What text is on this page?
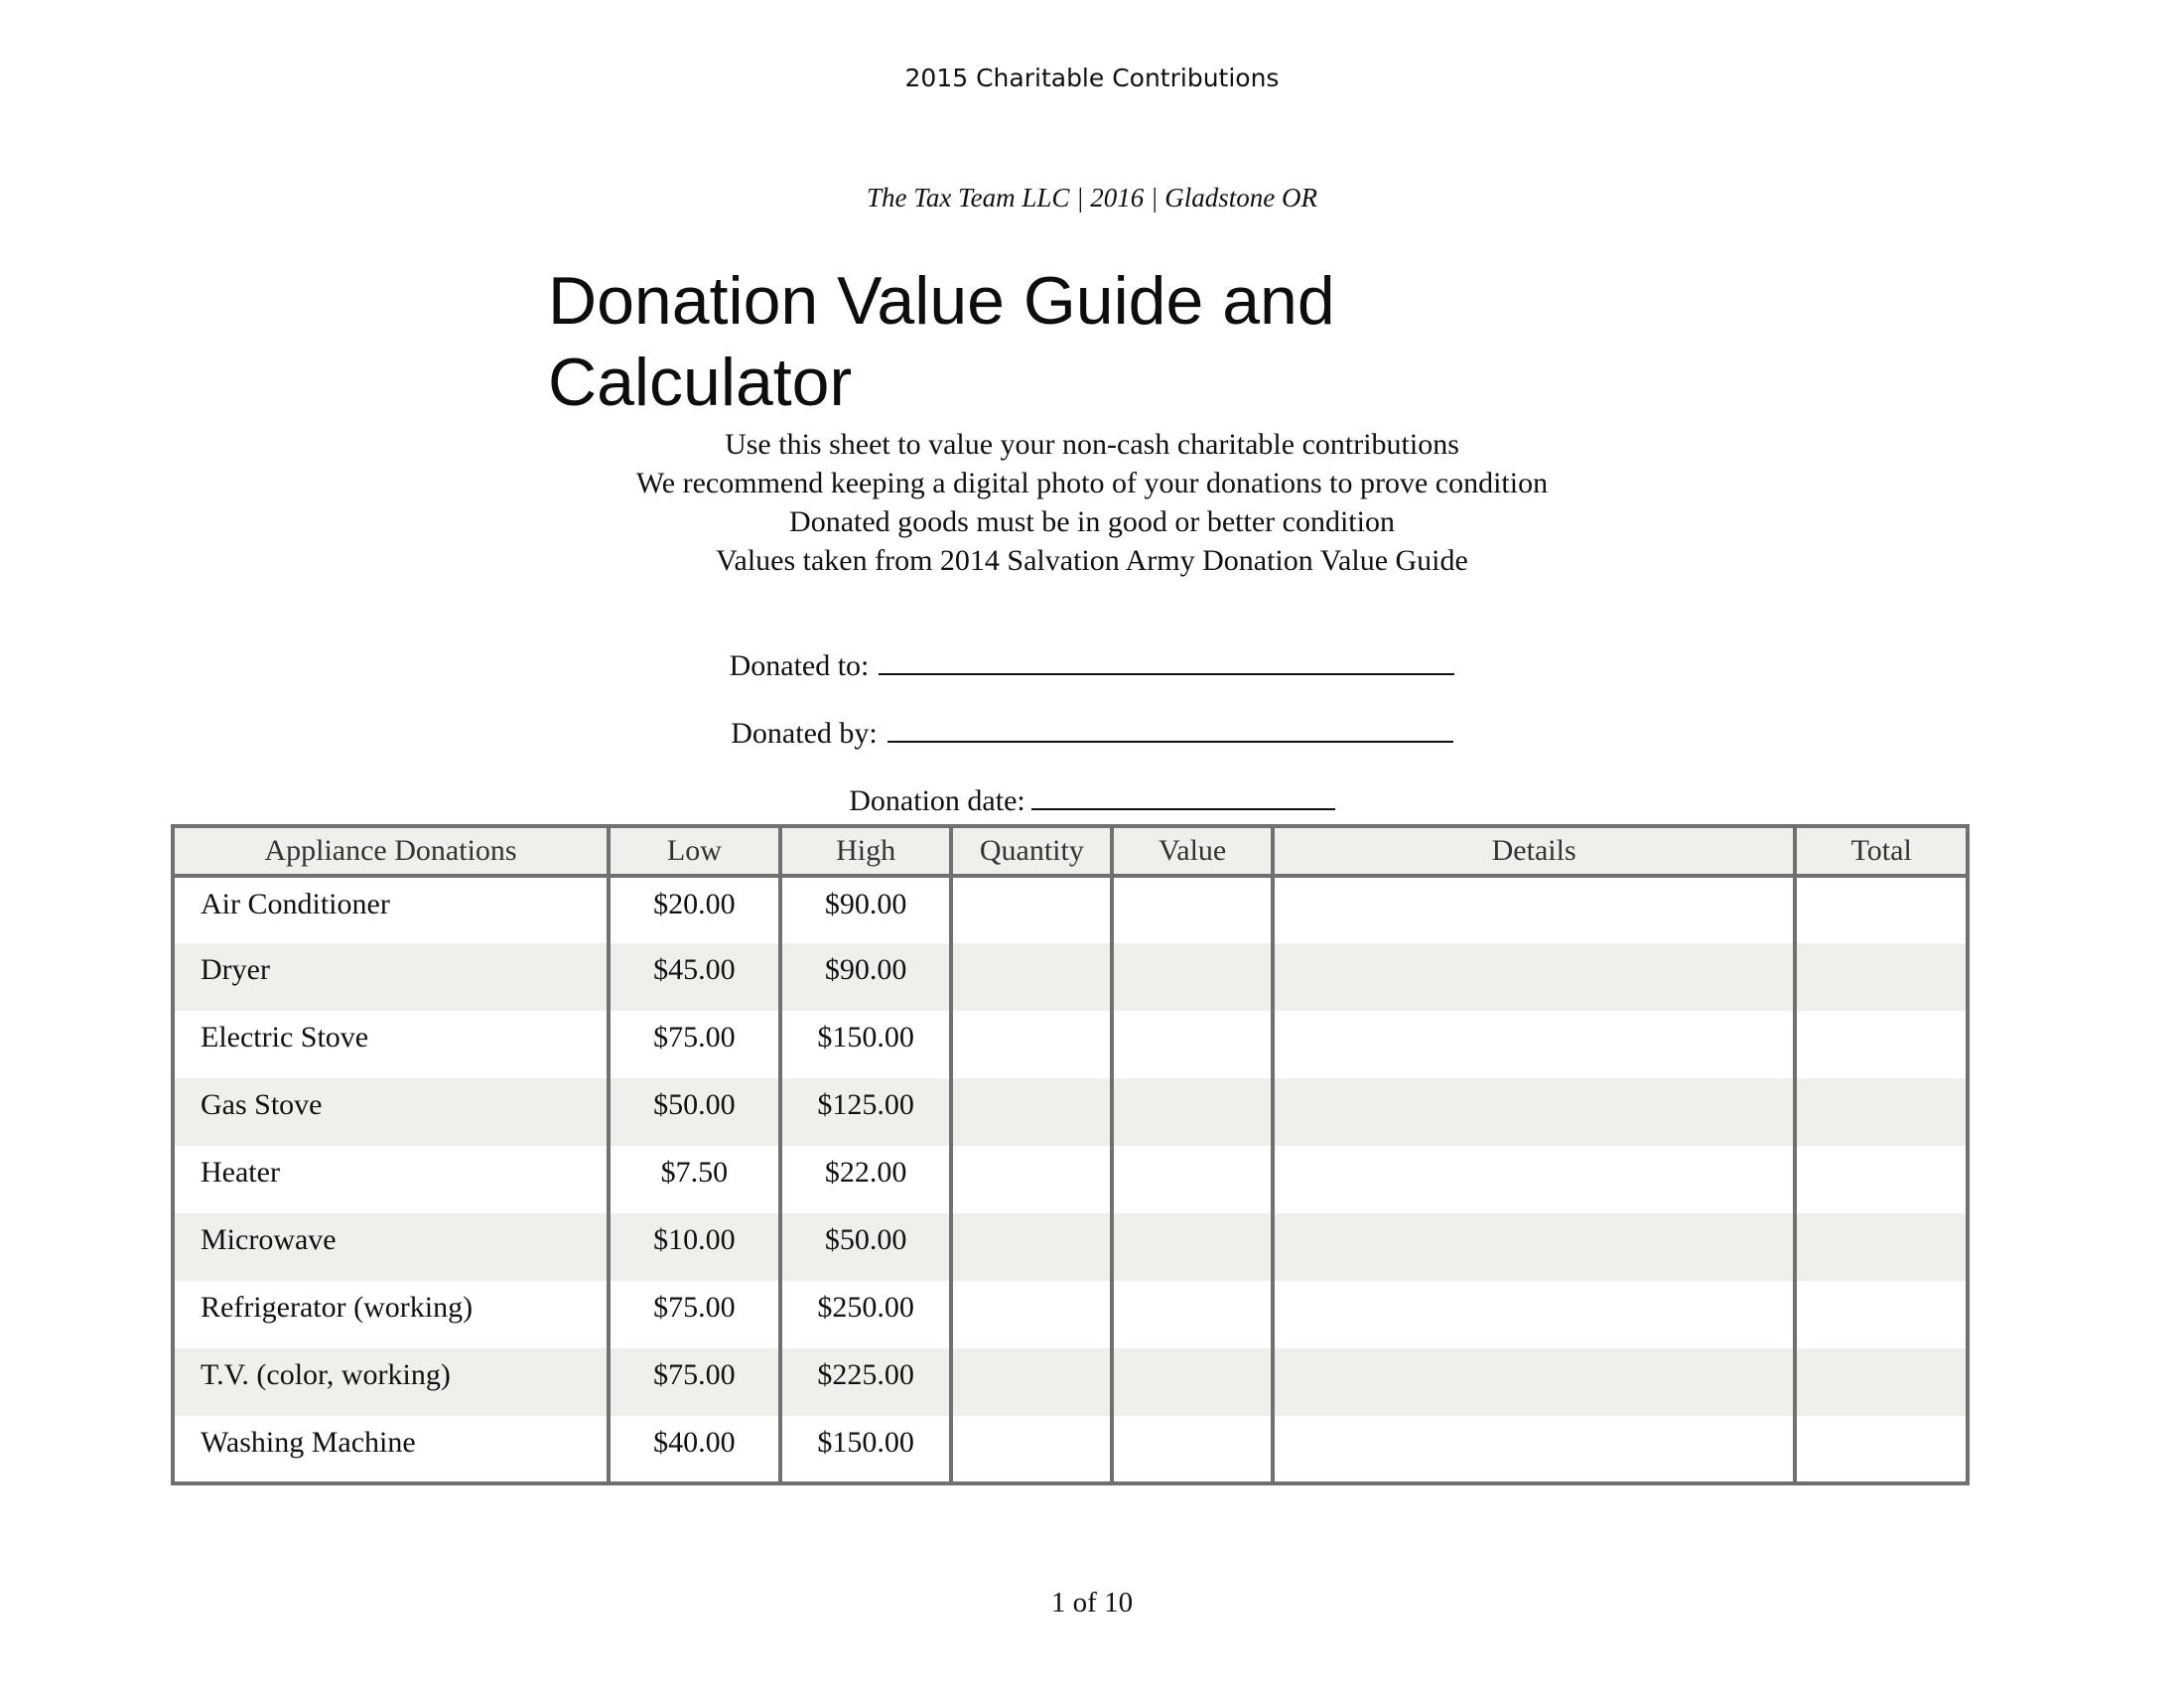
2015 Charitable Contributions
The Tax Team LLC | 2016 | Gladstone OR
Donation Value Guide and
Calculator
Use this sheet to value your non-cash charitable contributions
We recommend keeping a digital photo of your donations to prove condition
Donated goods must be in good or better condition
Values taken from 2014 Salvation Army Donation Value Guide
Donated to:
Donated by:
Donation date:
Appliance Donations	Low	High	Quantity	Value	Details	Total
Air Conditioner	$20.00	$90.00				
Dryer	$45.00	$90.00				
Electric Stove	$75.00	$150.00				
Gas Stove	$50.00	$125.00				
Heater	$7.50	$22.00				
Microwave	$10.00	$50.00				
Refrigerator (working)	$75.00	$250.00				
T.V. (color, working)	$75.00	$225.00				
Washing Machine	$40.00	$150.00				
1 of 10
